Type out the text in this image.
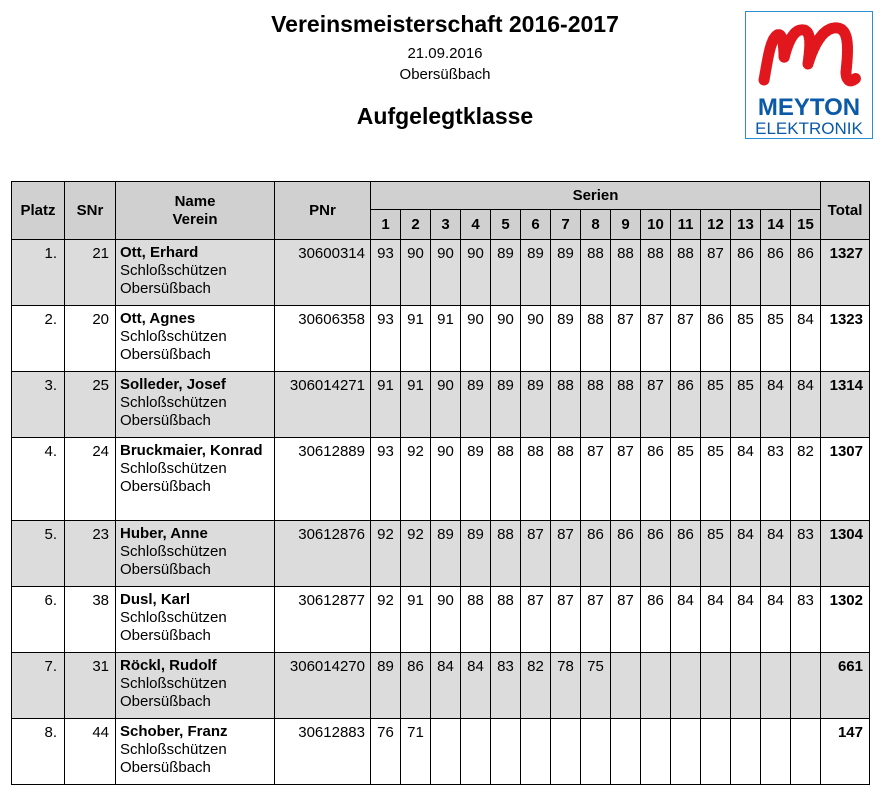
Vereinsmeisterschaft 2016-2017
21.09.2016
Obersüßbach
Aufgelegtklasse	MEYTON
ELEKTRONIK
Platz	SNr	Name
Verein	PNr	Serien															Total
				1	2	3	4	5	6	7	8	9	10	11	12	13	14	15	
1.	21	Ott, Erhard
Schloßschützen
Obersüßbach	30600314	93	90	90	90	89	89	89	88	88	88	88	87	86	86	86	1327
2.	20	Ott, Agnes
Schloßschützen
Obersüßbach	30606358	93	91	91	90	90	90	89	88	87	87	87	86	85	85	84	1323
3.	25	Solleder, Josef
Schloßschützen
Obersüßbach	306014271	91	91	90	89	89	89	88	88	88	87	86	85	85	84	84	1314
4.	24	Bruckmaier, Konrad
Schloßschützen
Obersüßbach	30612889	93	92	90	89	88	88	88	87	87	86	85	85	84	83	82	1307
5.	23	Huber, Anne
Schloßschützen
Obersüßbach	30612876	92	92	89	89	88	87	87	86	86	86	86	85	84	84	83	1304
6.	38	Dusl, Karl
Schloßschützen
Obersüßbach	30612877	92	91	90	88	88	87	87	87	87	86	84	84	84	84	83	1302
7.	31	Röckl, Rudolf
Schloßschützen
Obersüßbach	306014270	89	86	84	84	83	82	78	75								661
8.	44	Schober, Franz
Schloßschützen
Obersüßbach	30612883	76	71														147
